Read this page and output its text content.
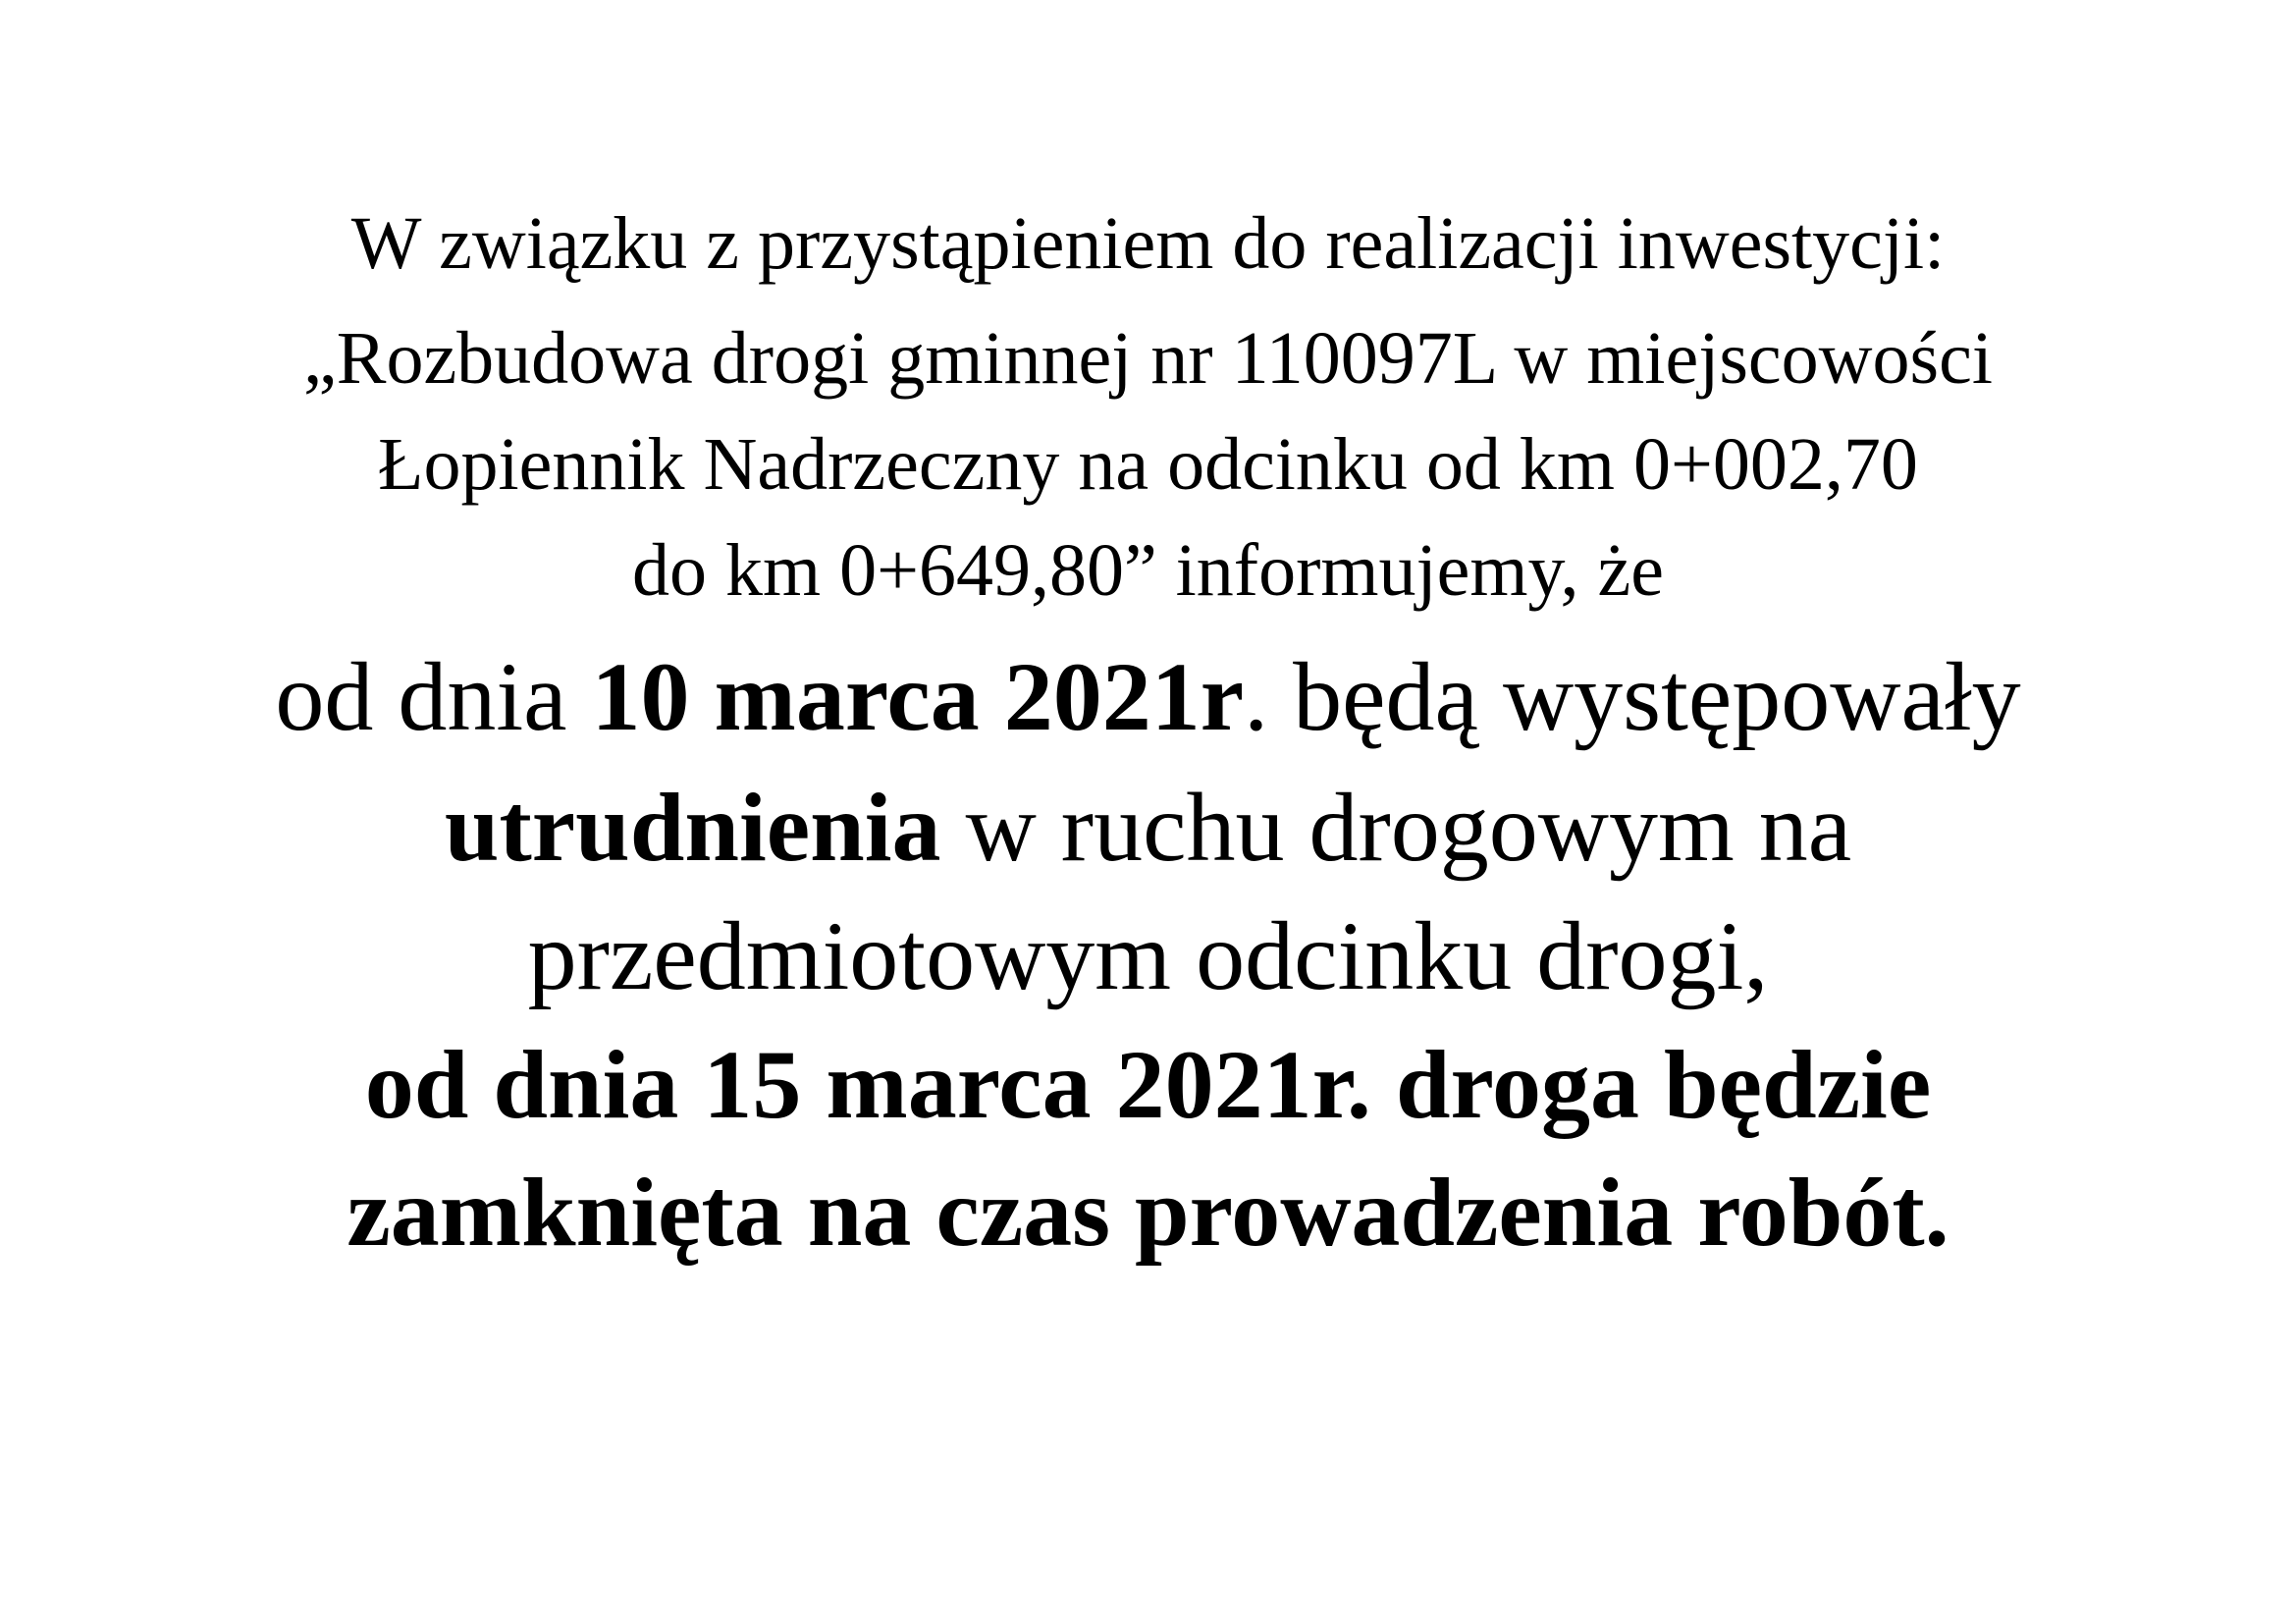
W związku z przystąpieniem do realizacji inwestycji:
„Rozbudowa drogi gminnej nr 110097L w miejscowości
Łopiennik Nadrzeczny na odcinku od km 0+002,70
do km 0+649,80” informujemy, że
od dnia 10 marca 2021r. będą występowały
utrudnienia w ruchu drogowym na
przedmiotowym odcinku drogi,
od dnia 15 marca 2021r. droga będzie
zamknięta na czas prowadzenia robót.
